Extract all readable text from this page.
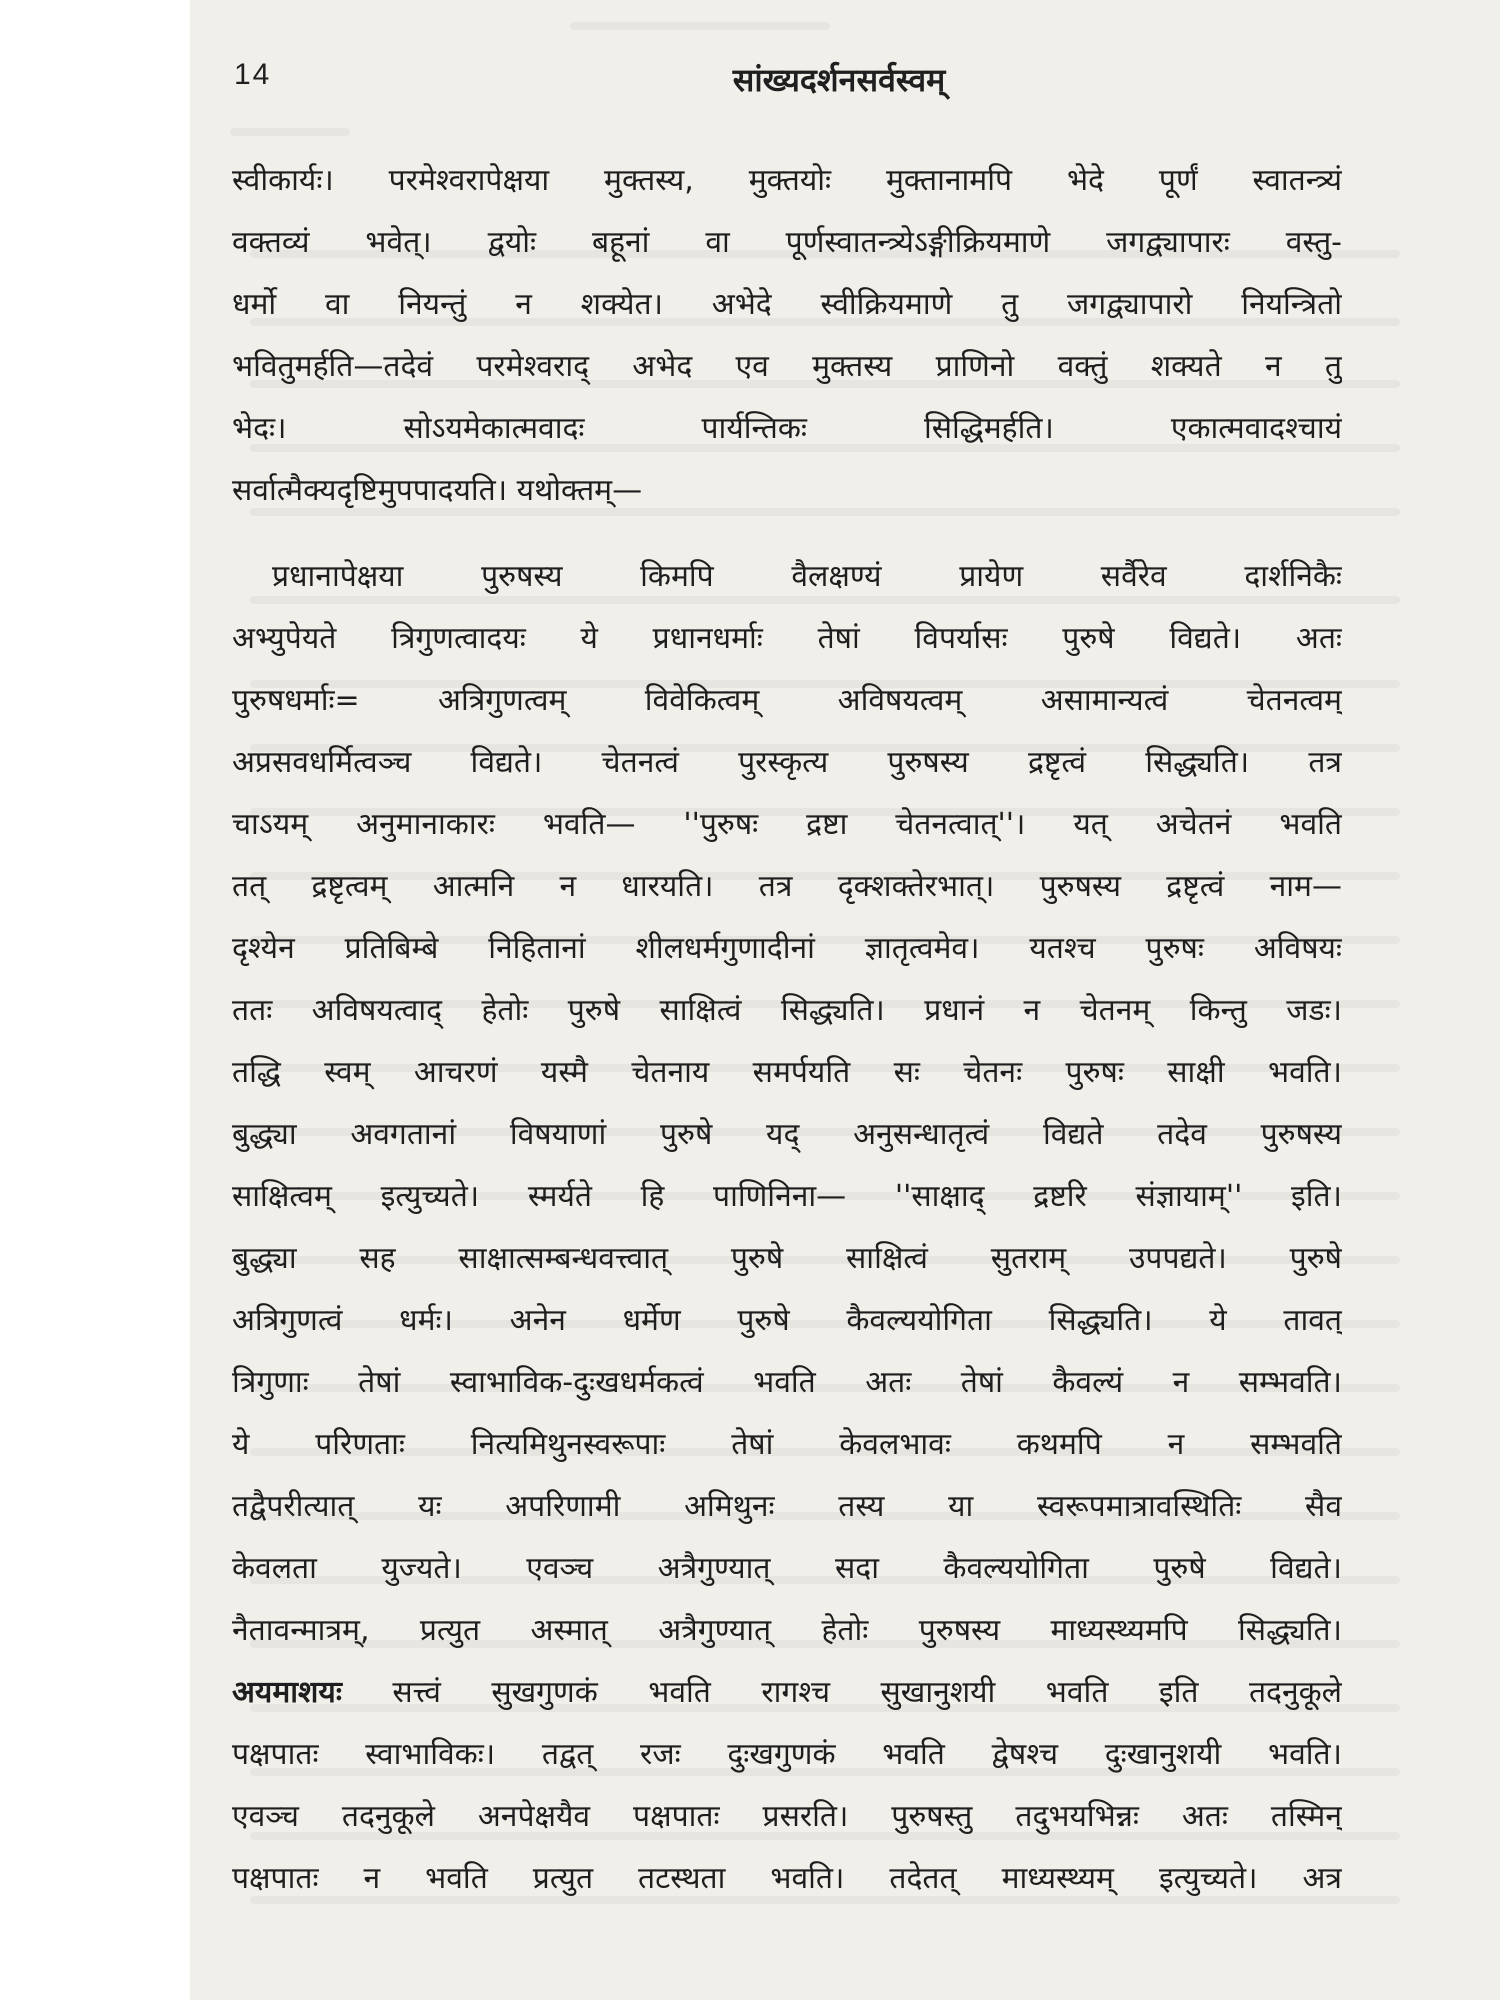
14	सांख्यदर्शनसर्वस्वम्
स्वीकार्यः। परमेश्वरापेक्षया मुक्तस्य, मुक्तयोः मुक्तानामपि भेदे पूर्णं स्वातन्त्र्यं
वक्तव्यं भवेत्। द्वयोः बहूनां वा पूर्णस्वातन्त्र्येऽङ्गीक्रियमाणे जगद्व्यापारः वस्तु-
धर्मो वा नियन्तुं न शक्येत। अभेदे स्वीक्रियमाणे तु जगद्व्यापारो नियन्त्रितो
भवितुमर्हति—तदेवं परमेश्वराद् अभेद एव मुक्तस्य प्राणिनो वक्तुं शक्यते न तु
भेदः। सोऽयमेकात्मवादः पार्यन्तिकः सिद्धिमर्हति। एकात्मवादश्चायं
सर्वात्मैक्यदृष्टिमुपपादयति। यथोक्तम्—
प्रधानापेक्षया पुरुषस्य किमपि वैलक्षण्यं प्रायेण सर्वैरेव दार्शनिकैः
अभ्युपेयते त्रिगुणत्वादयः ये प्रधानधर्माः तेषां विपर्यासः पुरुषे विद्यते। अतः
पुरुषधर्माः= अत्रिगुणत्वम् विवेकित्वम् अविषयत्वम् असामान्यत्वं चेतनत्वम्
अप्रसवधर्मित्वञ्च विद्यते। चेतनत्वं पुरस्कृत्य पुरुषस्य द्रष्टृत्वं सिद्ध्यति। तत्र
चाऽयम् अनुमानाकारः भवति— ''पुरुषः द्रष्टा चेतनत्वात्''। यत् अचेतनं भवति
तत् द्रष्टृत्वम् आत्मनि न धारयति। तत्र दृक्शक्तेरभात्। पुरुषस्य द्रष्टृत्वं नाम—
दृश्येन प्रतिबिम्बे निहितानां शीलधर्मगुणादीनां ज्ञातृत्वमेव। यतश्च पुरुषः अविषयः
ततः अविषयत्वाद् हेतोः पुरुषे साक्षित्वं सिद्ध्यति। प्रधानं न चेतनम् किन्तु जडः।
तद्धि स्वम् आचरणं यस्मै चेतनाय समर्पयति सः चेतनः पुरुषः साक्षी भवति।
बुद्ध्या अवगतानां विषयाणां पुरुषे यद् अनुसन्धातृत्वं विद्यते तदेव पुरुषस्य
साक्षित्वम् इत्युच्यते। स्मर्यते हि पाणिनिना— ''साक्षाद् द्रष्टरि संज्ञायाम्'' इति।
बुद्ध्या सह साक्षात्सम्बन्धवत्त्वात् पुरुषे साक्षित्वं सुतराम् उपपद्यते। पुरुषे
अत्रिगुणत्वं धर्मः। अनेन धर्मेण पुरुषे कैवल्ययोगिता सिद्ध्यति। ये तावत्
त्रिगुणाः तेषां स्वाभाविक-दुःखधर्मकत्वं भवति अतः तेषां कैवल्यं न सम्भवति।
ये परिणताः नित्यमिथुनस्वरूपाः तेषां केवलभावः कथमपि न सम्भवति
तद्वैपरीत्यात् यः अपरिणामी अमिथुनः तस्य या स्वरूपमात्रावस्थितिः सैव
केवलता युज्यते। एवञ्च अत्रैगुण्यात् सदा कैवल्ययोगिता पुरुषे विद्यते।
नैतावन्मात्रम्, प्रत्युत अस्मात् अत्रैगुण्यात् हेतोः पुरुषस्य माध्यस्थ्यमपि सिद्ध्यति।
अयमाशयः सत्त्वं सुखगुणकं भवति रागश्च सुखानुशयी भवति इति तदनुकूले
पक्षपातः स्वाभाविकः। तद्वत् रजः दुःखगुणकं भवति द्वेषश्च दुःखानुशयी भवति।
एवञ्च तदनुकूले अनपेक्षयैव पक्षपातः प्रसरति। पुरुषस्तु तदुभयभिन्नः अतः तस्मिन्
पक्षपातः न भवति प्रत्युत तटस्थता भवति। तदेतत् माध्यस्थ्यम् इत्युच्यते। अत्र
